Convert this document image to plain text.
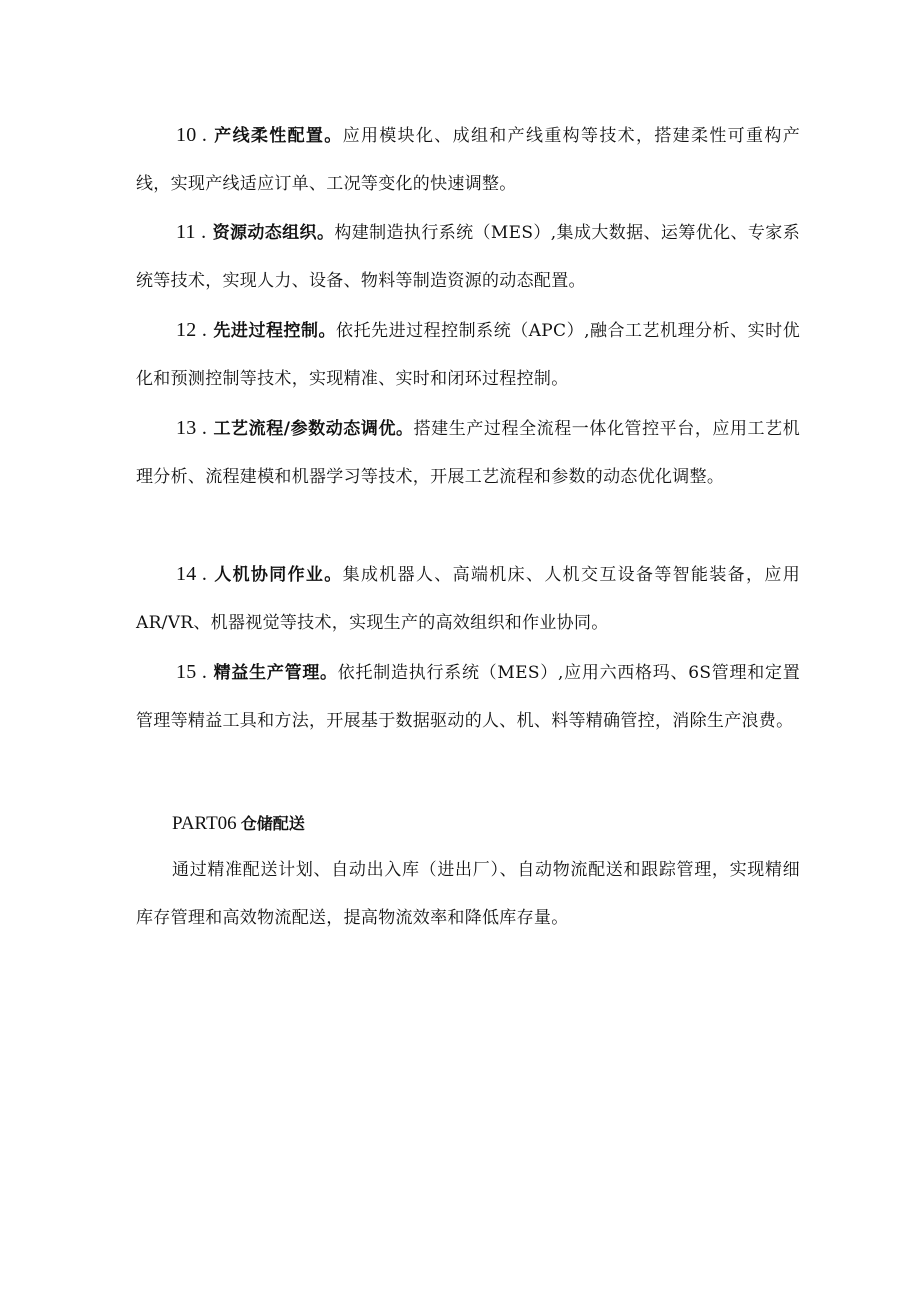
10 . 产线柔性配置。应用模块化、成组和产线重构等技术，搭建柔性可重构产线，实现产线适应订单、工况等变化的快速调整。

11 . 资源动态组织。构建制造执行系统（MES）,集成大数据、运筹优化、专家系统等技术，实现人力、设备、物料等制造资源的动态配置。

12 . 先进过程控制。依托先进过程控制系统（APC）,融合工艺机理分析、实时优化和预测控制等技术，实现精准、实时和闭环过程控制。

13 . 工艺流程/参数动态调优。搭建生产过程全流程一体化管控平台，应用工艺机理分析、流程建模和机器学习等技术，开展工艺流程和参数的动态优化调整。

14 . 人机协同作业。集成机器人、高端机床、人机交互设备等智能装备，应用AR/VR、机器视觉等技术，实现生产的高效组织和作业协同。

15 . 精益生产管理。依托制造执行系统（MES）,应用六西格玛、6S管理和定置管理等精益工具和方法，开展基于数据驱动的人、机、料等精确管控，消除生产浪费。

PART06 仓储配送

通过精准配送计划、自动出入库（进出厂）、自动物流配送和跟踪管理，实现精细库存管理和高效物流配送，提高物流效率和降低库存量。
